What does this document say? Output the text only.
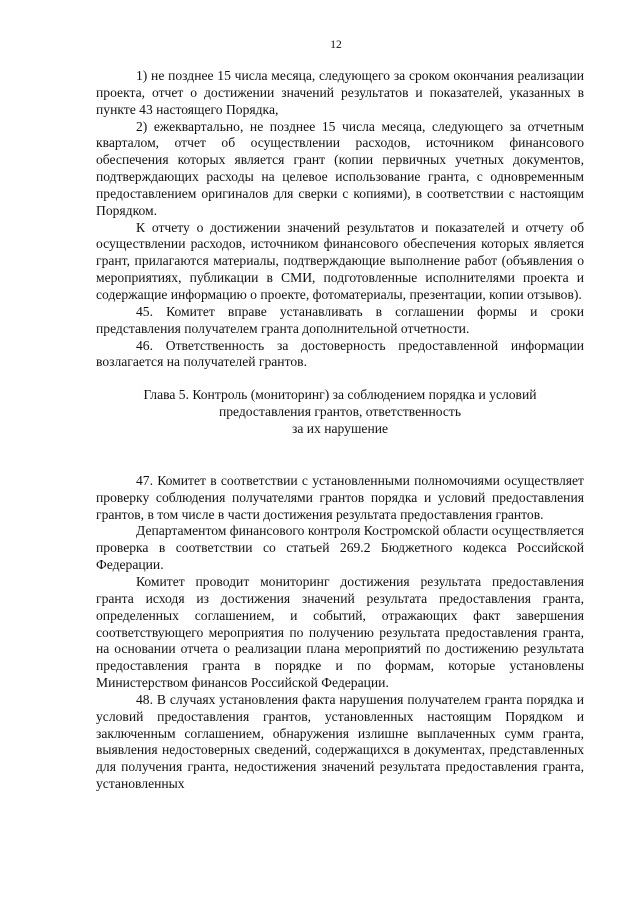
12

1) не позднее 15 числа месяца, следующего за сроком окончания реализации проекта, отчет о достижении значений результатов и показателей, указанных в пункте 43 настоящего Порядка,

2) ежеквартально, не позднее 15 числа месяца, следующего за отчетным кварталом, отчет об осуществлении расходов, источником финансового обеспечения которых является грант (копии первичных учетных документов, подтверждающих расходы на целевое использование гранта, с одновременным предоставлением оригиналов для сверки с копиями), в соответствии с настоящим Порядком.

К отчету о достижении значений результатов и показателей и отчету об осуществлении расходов, источником финансового обеспечения которых является грант, прилагаются материалы, подтверждающие выполнение работ (объявления о мероприятиях, публикации в СМИ, подготовленные исполнителями проекта и содержащие информацию о проекте, фотоматериалы, презентации, копии отзывов).

45. Комитет вправе устанавливать в соглашении формы и сроки представления получателем гранта дополнительной отчетности.

46. Ответственность за достоверность предоставленной информации возлагается на получателей грантов.

Глава 5. Контроль (мониторинг) за соблюдением порядка и условий
предоставления грантов, ответственность
за их нарушение

47. Комитет в соответствии с установленными полномочиями осуществляет проверку соблюдения получателями грантов порядка и условий предоставления грантов, в том числе в части достижения результата предоставления грантов.

Департаментом финансового контроля Костромской области осуществляется проверка в соответствии со статьей 269.2 Бюджетного кодекса Российской Федерации.

Комитет проводит мониторинг достижения результата предоставления гранта исходя из достижения значений результата предоставления гранта, определенных соглашением, и событий, отражающих факт завершения соответствующего мероприятия по получению результата предоставления гранта, на основании отчета о реализации плана мероприятий по достижению результата предоставления гранта в порядке и по формам, которые установлены Министерством финансов Российской Федерации.

48. В случаях установления факта нарушения получателем гранта порядка и условий предоставления грантов, установленных настоящим Порядком и заключенным соглашением, обнаружения излишне выплаченных сумм гранта, выявления недостоверных сведений, содержащихся в документах, представленных для получения гранта, недостижения значений результата предоставления гранта, установленных
